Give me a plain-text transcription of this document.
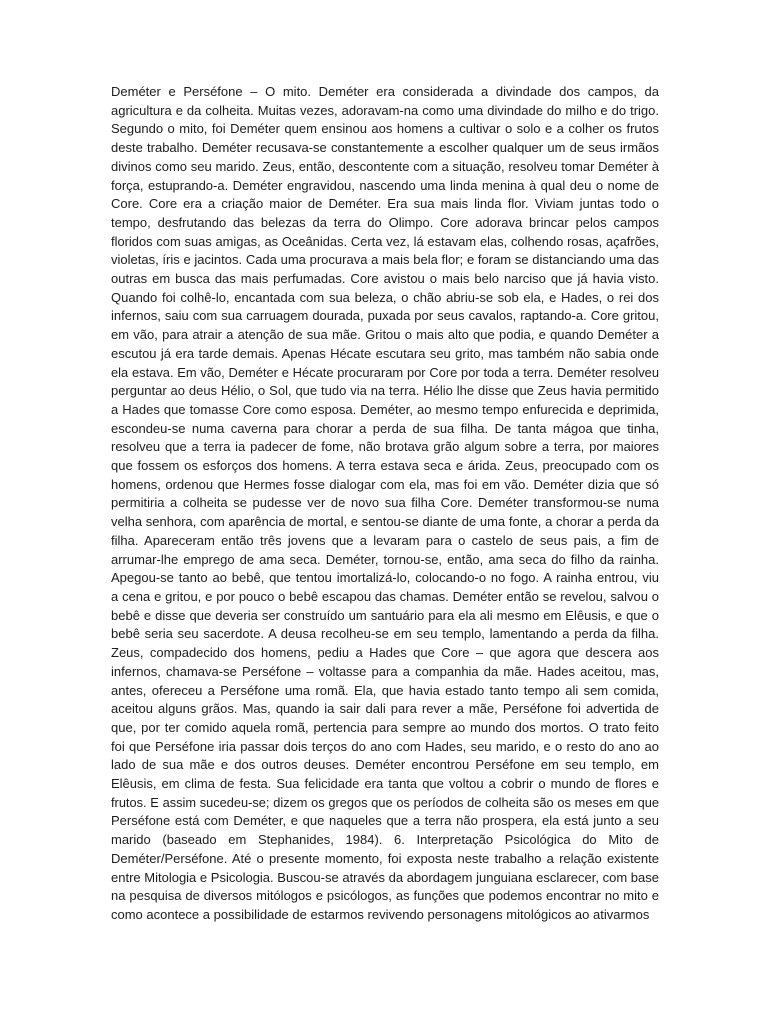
Deméter e Perséfone – O mito. Deméter era considerada a divindade dos campos, da
agricultura e da colheita. Muitas vezes, adoravam-na como uma divindade do milho e do trigo.
Segundo o mito, foi Deméter quem ensinou aos homens a cultivar o solo e a colher os frutos
deste trabalho. Deméter recusava-se constantemente a escolher qualquer um de seus irmãos
divinos como seu marido. Zeus, então, descontente com a situação, resolveu tomar Deméter à
força, estuprando-a. Deméter engravidou, nascendo uma linda menina à qual deu o nome de
Core. Core era a criação maior de Deméter. Era sua mais linda flor. Viviam juntas todo o
tempo, desfrutando das belezas da terra do Olimpo. Core adorava brincar pelos campos
floridos com suas amigas, as Oceânidas. Certa vez, lá estavam elas, colhendo rosas, açafrões,
violetas, íris e jacintos. Cada uma procurava a mais bela flor; e foram se distanciando uma das
outras em busca das mais perfumadas. Core avistou o mais belo narciso que já havia visto.
Quando foi colhê-lo, encantada com sua beleza, o chão abriu-se sob ela, e Hades, o rei dos
infernos, saiu com sua carruagem dourada, puxada por seus cavalos, raptando-a. Core gritou,
em vão, para atrair a atenção de sua mãe. Gritou o mais alto que podia, e quando Deméter a
escutou já era tarde demais. Apenas Hécate escutara seu grito, mas também não sabia onde
ela estava. Em vão, Deméter e Hécate procuraram por Core por toda a terra. Deméter resolveu
perguntar ao deus Hélio, o Sol, que tudo via na terra. Hélio lhe disse que Zeus havia permitido
a Hades que tomasse Core como esposa. Deméter, ao mesmo tempo enfurecida e deprimida,
escondeu-se numa caverna para chorar a perda de sua filha. De tanta mágoa que tinha,
resolveu que a terra ia padecer de fome, não brotava grão algum sobre a terra, por maiores
que fossem os esforços dos homens. A terra estava seca e árida. Zeus, preocupado com os
homens, ordenou que Hermes fosse dialogar com ela, mas foi em vão. Deméter dizia que só
permitiria a colheita se pudesse ver de novo sua filha Core. Deméter transformou-se numa
velha senhora, com aparência de mortal, e sentou-se diante de uma fonte, a chorar a perda da
filha. Apareceram então três jovens que a levaram para o castelo de seus pais, a fim de
arrumar-lhe emprego de ama seca. Deméter, tornou-se, então, ama seca do filho da rainha.
Apegou-se tanto ao bebê, que tentou imortalizá-lo, colocando-o no fogo. A rainha entrou, viu
a cena e gritou, e por pouco o bebê escapou das chamas. Deméter então se revelou, salvou o
bebê e disse que deveria ser construído um santuário para ela ali mesmo em Elêusis, e que o
bebê seria seu sacerdote. A deusa recolheu-se em seu templo, lamentando a perda da filha.
Zeus, compadecido dos homens, pediu a Hades que Core – que agora que descera aos
infernos, chamava-se Perséfone – voltasse para a companhia da mãe. Hades aceitou, mas,
antes, ofereceu a Perséfone uma romã. Ela, que havia estado tanto tempo ali sem comida,
aceitou alguns grãos. Mas, quando ia sair dali para rever a mãe, Perséfone foi advertida de
que, por ter comido aquela romã, pertencia para sempre ao mundo dos mortos. O trato feito
foi que Perséfone iria passar dois terços do ano com Hades, seu marido, e o resto do ano ao
lado de sua mãe e dos outros deuses. Deméter encontrou Perséfone em seu templo, em
Elêusis, em clima de festa. Sua felicidade era tanta que voltou a cobrir o mundo de flores e
frutos. E assim sucedeu-se; dizem os gregos que os períodos de colheita são os meses em que
Perséfone está com Deméter, e que naqueles que a terra não prospera, ela está junto a seu
marido (baseado em Stephanides, 1984). 6. Interpretação Psicológica do Mito de
Deméter/Perséfone. Até o presente momento, foi exposta neste trabalho a relação existente
entre Mitologia e Psicologia. Buscou-se através da abordagem junguiana esclarecer, com base
na pesquisa de diversos mitólogos e psicólogos, as funções que podemos encontrar no mito e
como acontece a possibilidade de estarmos revivendo personagens mitológicos ao ativarmos
